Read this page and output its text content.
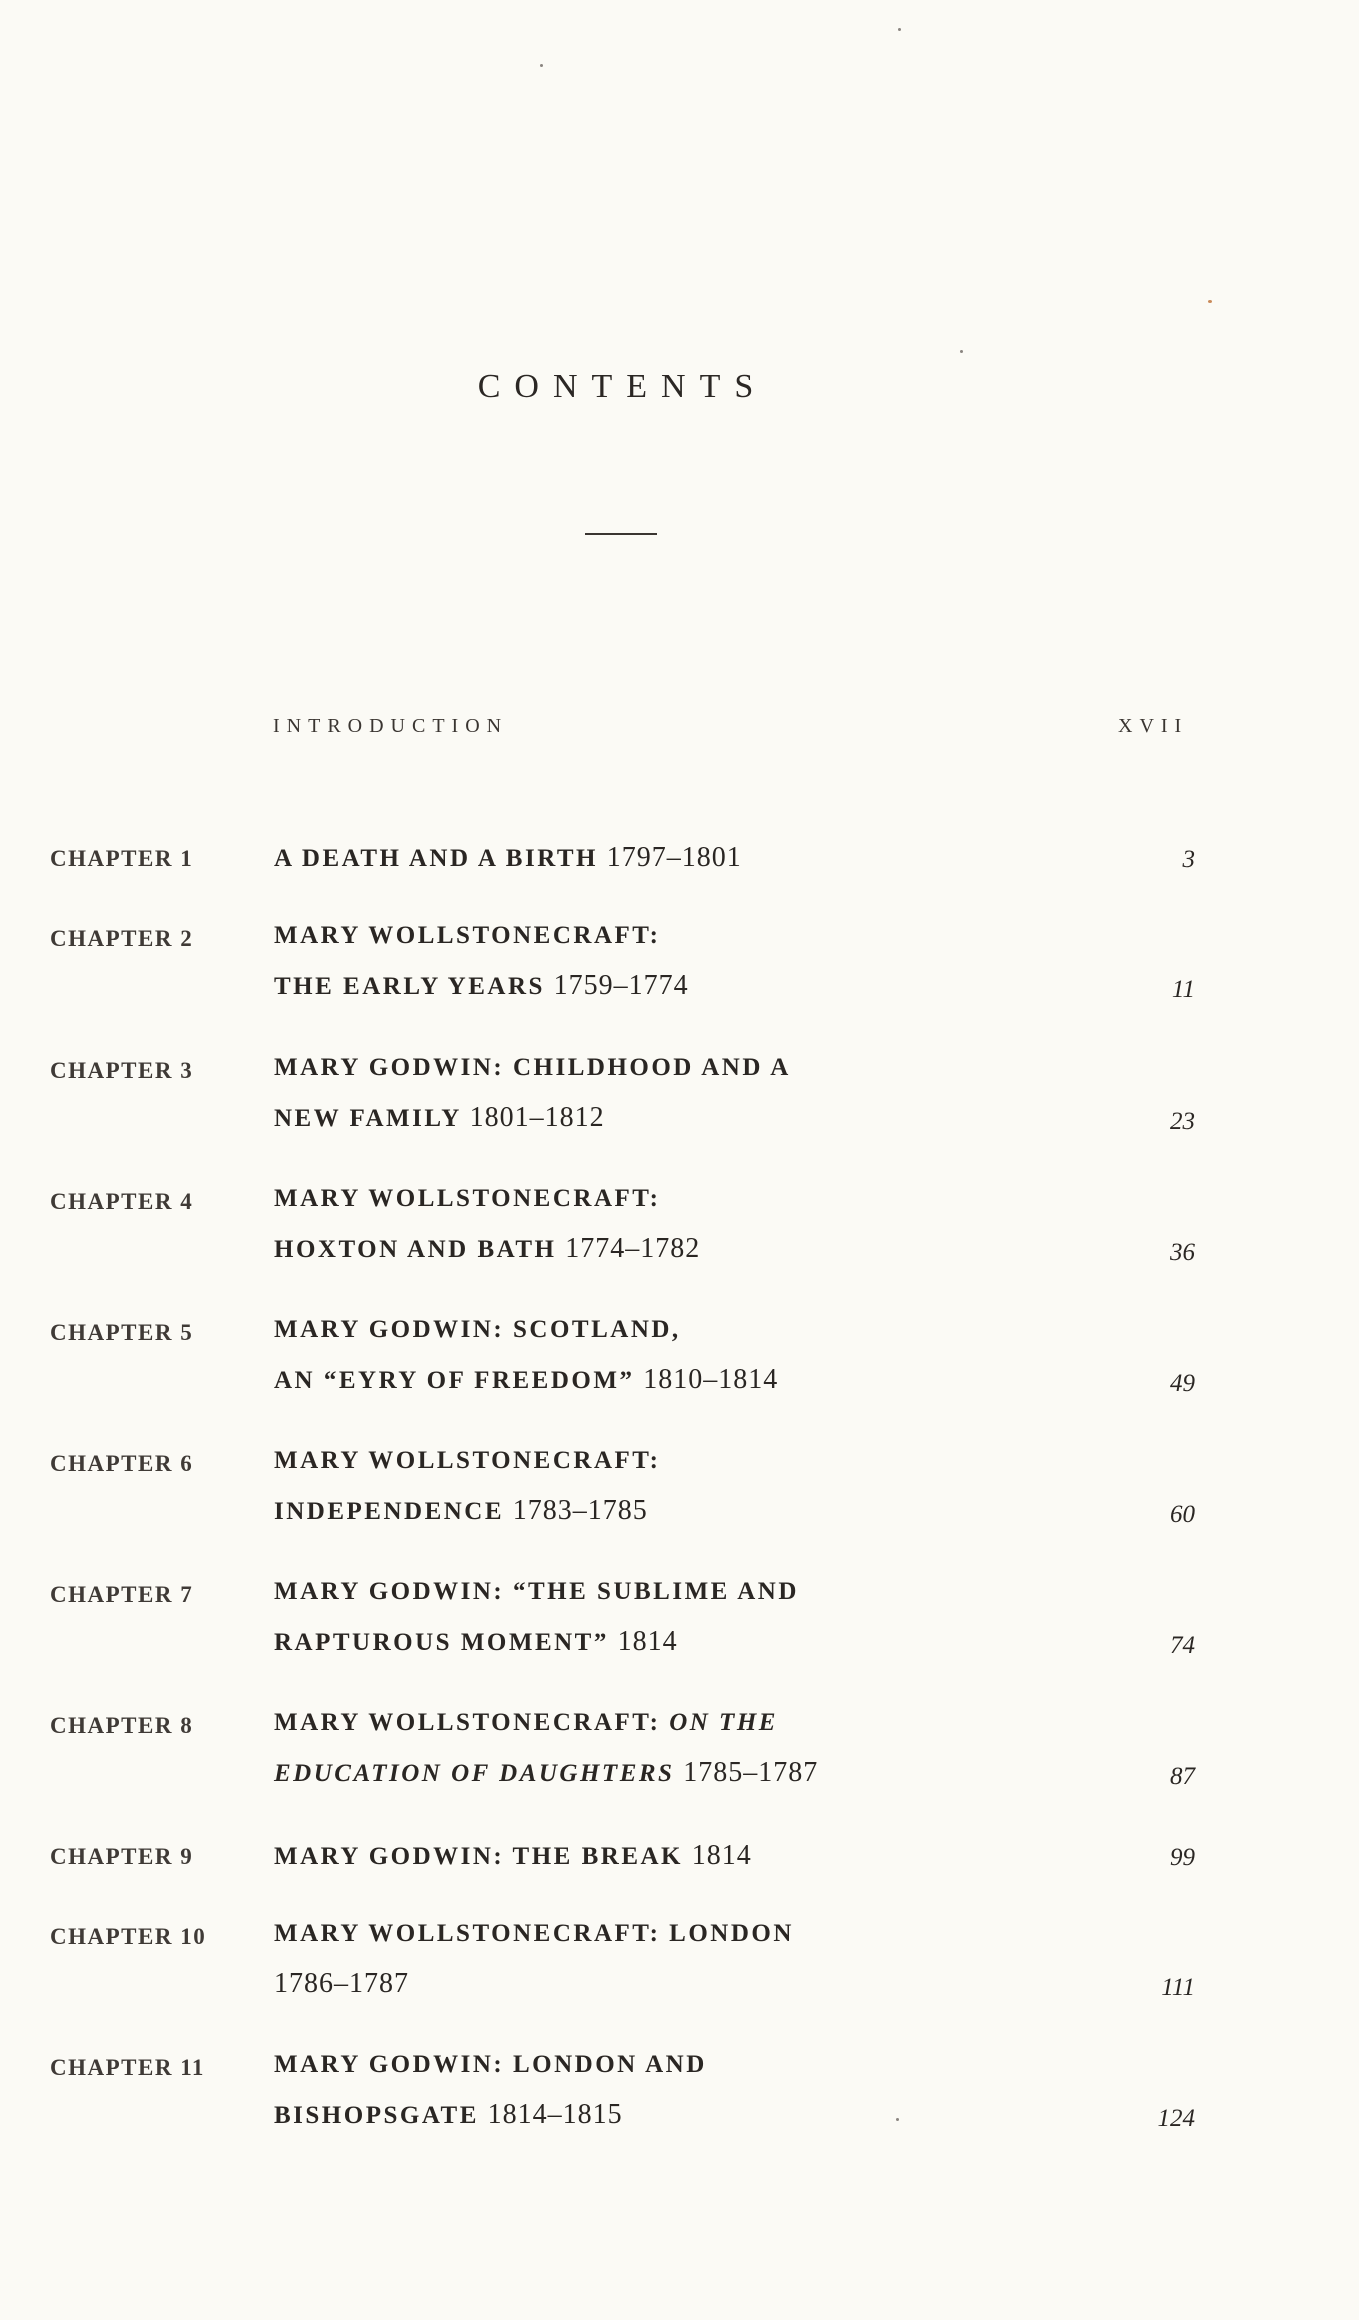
CONTENTS
INTRODUCTION	XVII
CHAPTER 1	A DEATH AND A BIRTH 1797–1801	3
CHAPTER 2	MARY WOLLSTONECRAFT:
THE EARLY YEARS 1759–1774	11
CHAPTER 3	MARY GODWIN: CHILDHOOD AND A
NEW FAMILY 1801–1812	23
CHAPTER 4	MARY WOLLSTONECRAFT:
HOXTON AND BATH 1774–1782	36
CHAPTER 5	MARY GODWIN: SCOTLAND,
AN “EYRY OF FREEDOM” 1810–1814	49
CHAPTER 6	MARY WOLLSTONECRAFT:
INDEPENDENCE 1783–1785	60
CHAPTER 7	MARY GODWIN: “THE SUBLIME AND
RAPTUROUS MOMENT” 1814	74
CHAPTER 8	MARY WOLLSTONECRAFT: ON THE
EDUCATION OF DAUGHTERS 1785–1787	87
CHAPTER 9	MARY GODWIN: THE BREAK 1814	99
CHAPTER 10	MARY WOLLSTONECRAFT: LONDON
1786–1787	111
CHAPTER 11	MARY GODWIN: LONDON AND
BISHOPSGATE 1814–1815	124
